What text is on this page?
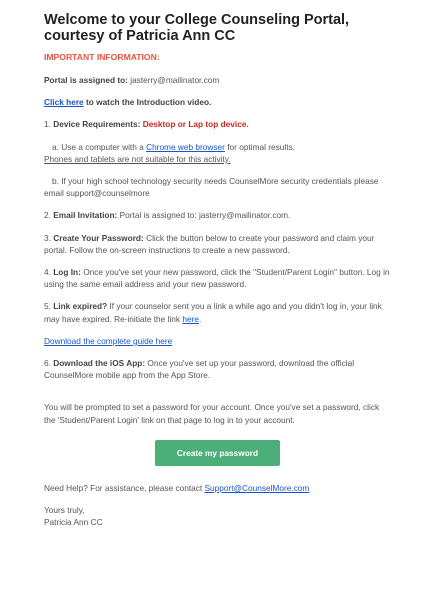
Welcome to your College Counseling Portal,
courtesy of Patricia Ann CC
IMPORTANT INFORMATION:

Portal is assigned to: jasterry@mailinator.com

Click here to watch the Introduction video.

1. Device Requirements: Desktop or Lap top device.

a. Use a computer with a Chrome web browser for optimal results.
Phones and tablets are not suitable for this activity.

b. If your high school technology security needs CounselMore security credentials please email support@counselmore

2. Email Invitation: Portal is assigned to: jasterry@mailinator.com.

3. Create Your Password: Click the button below to create your password and claim your portal. Follow the on-screen instructions to create a new password.

4. Log In: Once you've set your new password, click the "Student/Parent Login" button. Log in using the same email address and your new password.

5. Link expired? If your counselor sent you a link a while ago and you didn't log in, your link may have expired. Re-initiate the link here.

Download the complete guide here

6. Download the iOS App: Once you've set up your password, download the official CounselMore mobile app from the App Store.

You will be prompted to set a password for your account. Once you've set a password, click the 'Student/Parent Login' link on that page to log in to your account.

Create my password

Need Help? For assistance, please contact Support@CounselMore.com

Yours truly,

Patricia Ann CC
